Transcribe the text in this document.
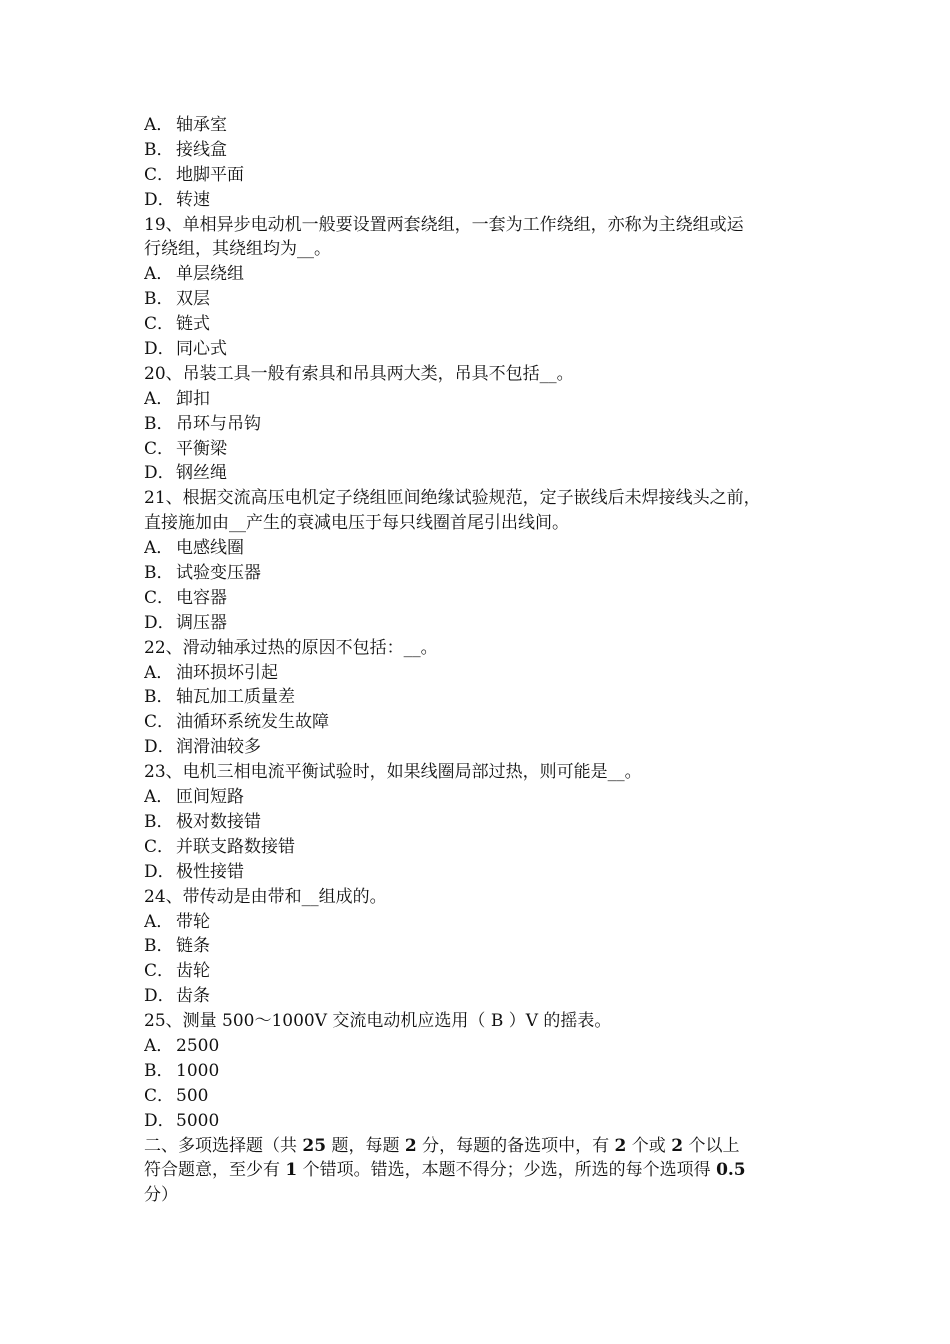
A． 轴承室
B． 接线盒
C． 地脚平面
D．转速
19、单相异步电动机一般要设置两套绕组，一套为工作绕组，亦称为主绕组或运
行绕组，其绕组均为__。
A． 单层绕组
B． 双层
C． 链式
D．同心式
20、吊装工具一般有索具和吊具两大类，吊具不包括__。
A． 卸扣
B． 吊环与吊钩
C． 平衡梁
D．钢丝绳
21、根据交流高压电机定子绕组匝间绝缘试验规范，定子嵌线后未焊接线头之前，
直接施加由__产生的衰减电压于每只线圈首尾引出线间。
A． 电感线圈
B． 试验变压器
C． 电容器
D．调压器
22、滑动轴承过热的原因不包括：__。
A． 油环损坏引起
B． 轴瓦加工质量差
C． 油循环系统发生故障
D．润滑油较多
23、电机三相电流平衡试验时，如果线圈局部过热，则可能是__。
A． 匝间短路
B． 极对数接错
C． 并联支路数接错
D．极性接错
24、带传动是由带和__组成的。
A． 带轮
B． 链条
C． 齿轮
D．齿条
25、测量 500～1000V 交流电动机应选用（ B ）V 的摇表。
A． 2500
B． 1000
C． 500
D．5000
二、多项选择题（共 25 题，每题 2 分，每题的备选项中，有 2 个或 2 个以上
符合题意，至少有 1 个错项。错选，本题不得分；少选，所选的每个选项得 0.5
分）
